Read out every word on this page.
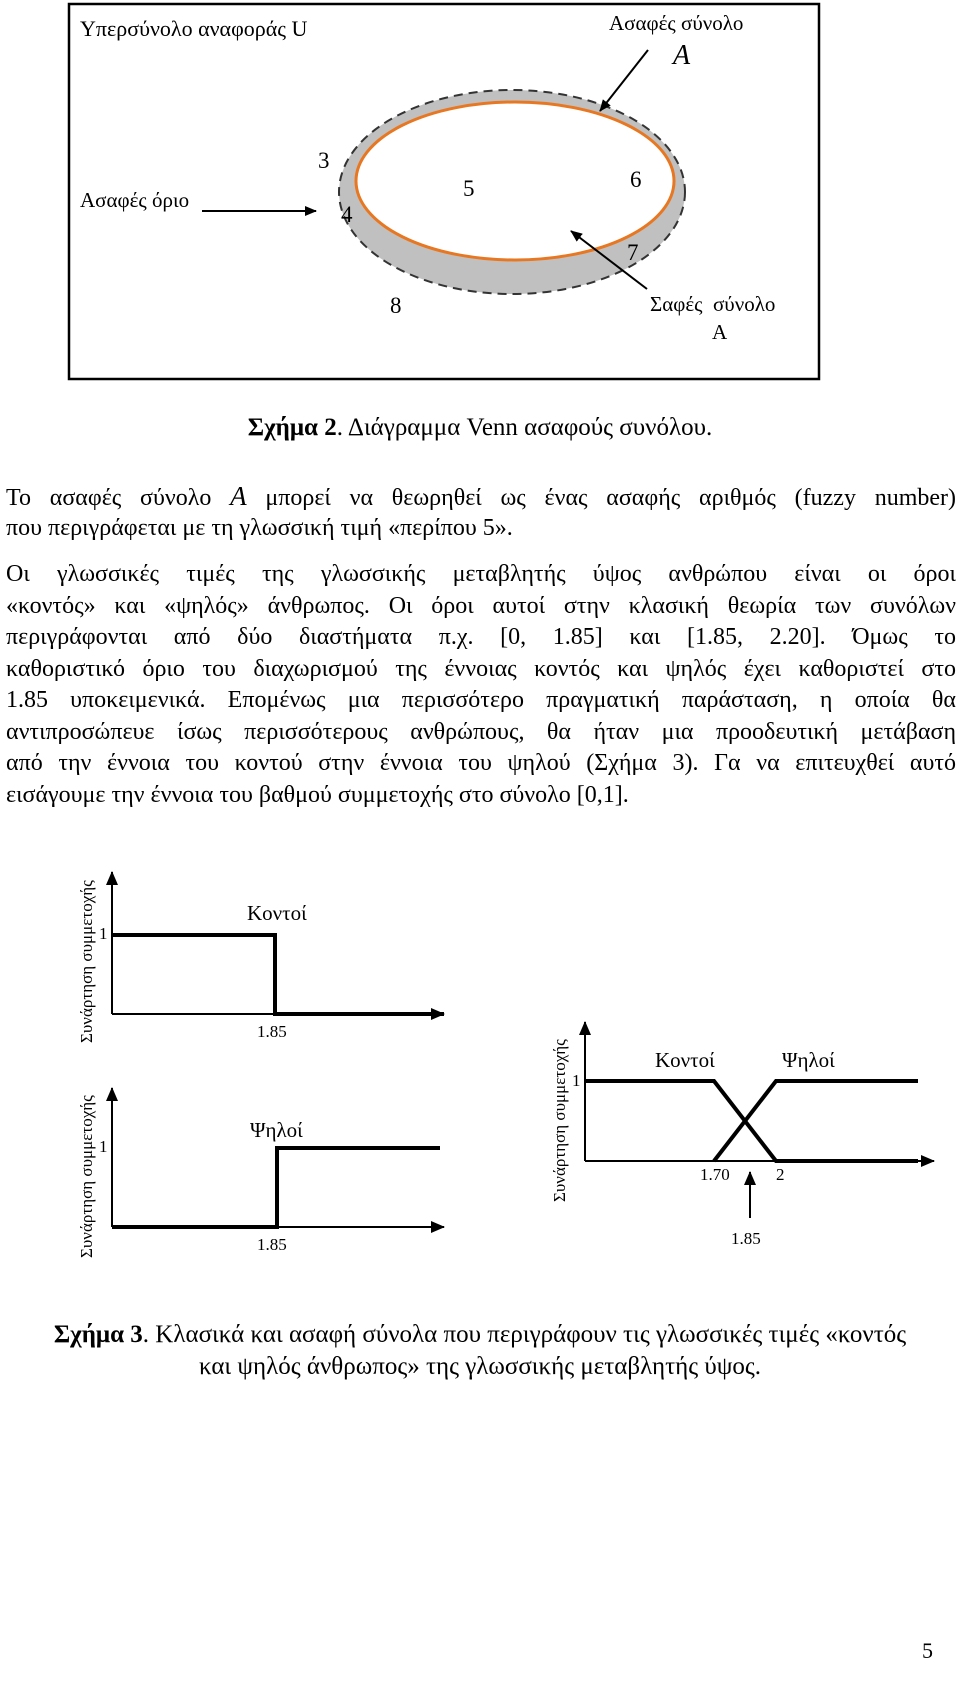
Υπερσύνολο αναφοράς U	Ασαφές σύνολο
A
Ασαφές όριο
3
4
5	6
7
8	Σαφές  σύνολο
A
Σχήμα 2. Διάγραμμα Venn ασαφούς συνόλου.
Το ασαφές σύνολο A μπορεί να θεωρηθεί ως ένας ασαφής αριθμός (fuzzy number)
που περιγράφεται με τη γλωσσική τιμή «περίπου 5».
Οι γλωσσικές τιμές της γλωσσικής μεταβλητής ύψος ανθρώπου είναι οι όροι
«κοντός» και «ψηλός» άνθρωπος. Οι όροι αυτοί στην κλασική θεωρία των συνόλων
περιγράφονται από δύο διαστήματα π.χ. [0, 1.85] και [1.85, 2.20]. Όμως το
καθοριστικό όριο του διαχωρισμού της έννοιας κοντός και ψηλός έχει καθοριστεί στο
1.85 υποκειμενικά. Επομένως μια περισσότερο πραγματική παράσταση, η οποία θα
αντιπροσώπευε ίσως περισσότερους ανθρώπους, θα ήταν μια προοδευτική μετάβαση
από την έννοια του κοντού στην έννοια του ψηλού (Σχήμα 3). Γα να επιτευχθεί αυτό
εισάγουμε την έννοια του βαθμού συμμετοχής στο σύνολο [0,1].
Συνάρτηση συμμετοχής 1
Κοντοί
1.85
Συνάρτηση συμμετοχής 1
Ψηλοί
1.85
Συνάρτηση συμμετοχής 1
Κοντοί	Ψηλοί
1.70	2
1.85
Σχήμα 3. Κλασικά και ασαφή σύνολα που περιγράφουν τις γλωσσικές τιμές «κοντός
και ψηλός άνθρωπος» της γλωσσικής μεταβλητής ύψος.
5
